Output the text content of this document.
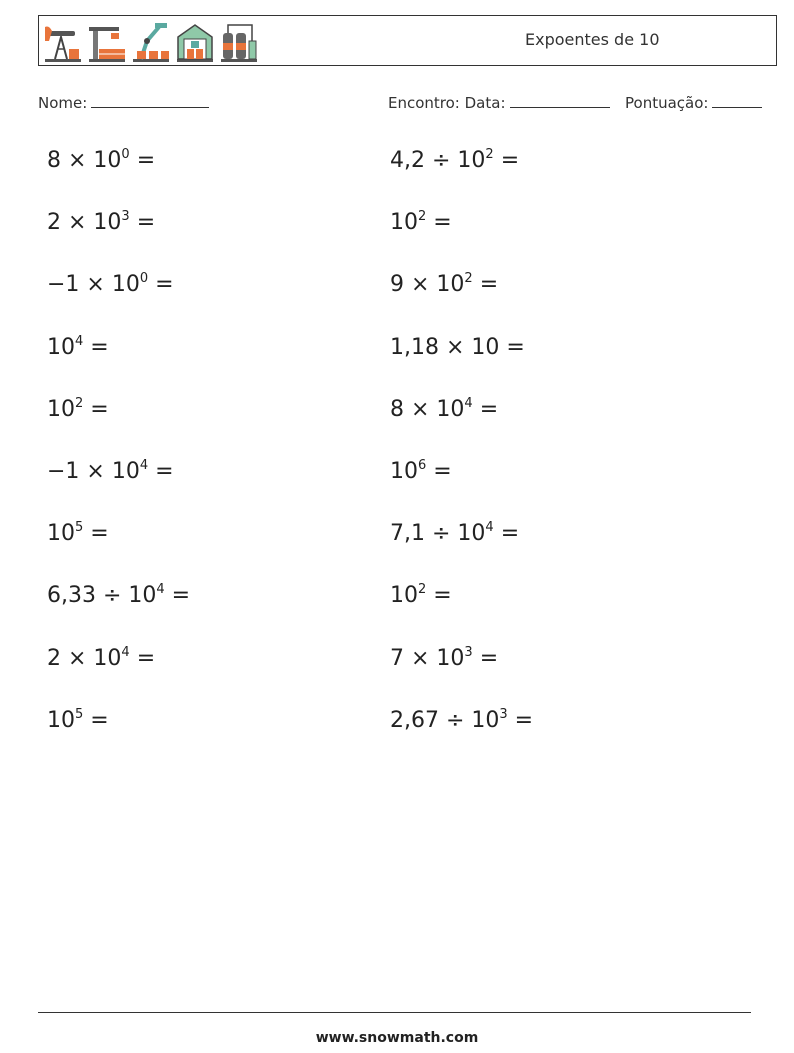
Expoentes de 10
Nome:	Encontro: Data:	Pontuação:
$8 \times 10^0$ =	$4,2 \div 10^2$ =
$2 \times 10^3$ =	$10^2$ =
$-1 \times 10^0$ =	$9 \times 10^2$ =
$10^4$ =	1,18 × 10 =
$10^2$ =	$8 \times 10^4$ =
$-1 \times 10^4$ =	$10^6$ =
$10^5$ =	$7,1 \div 10^4$ =
$6,33 \div 10^4$ =	$10^2$ =
$2 \times 10^4$ =	$7 \times 10^3$ =
$10^5$ =	$2,67 \div 10^3$ =
www.snowmath.com
